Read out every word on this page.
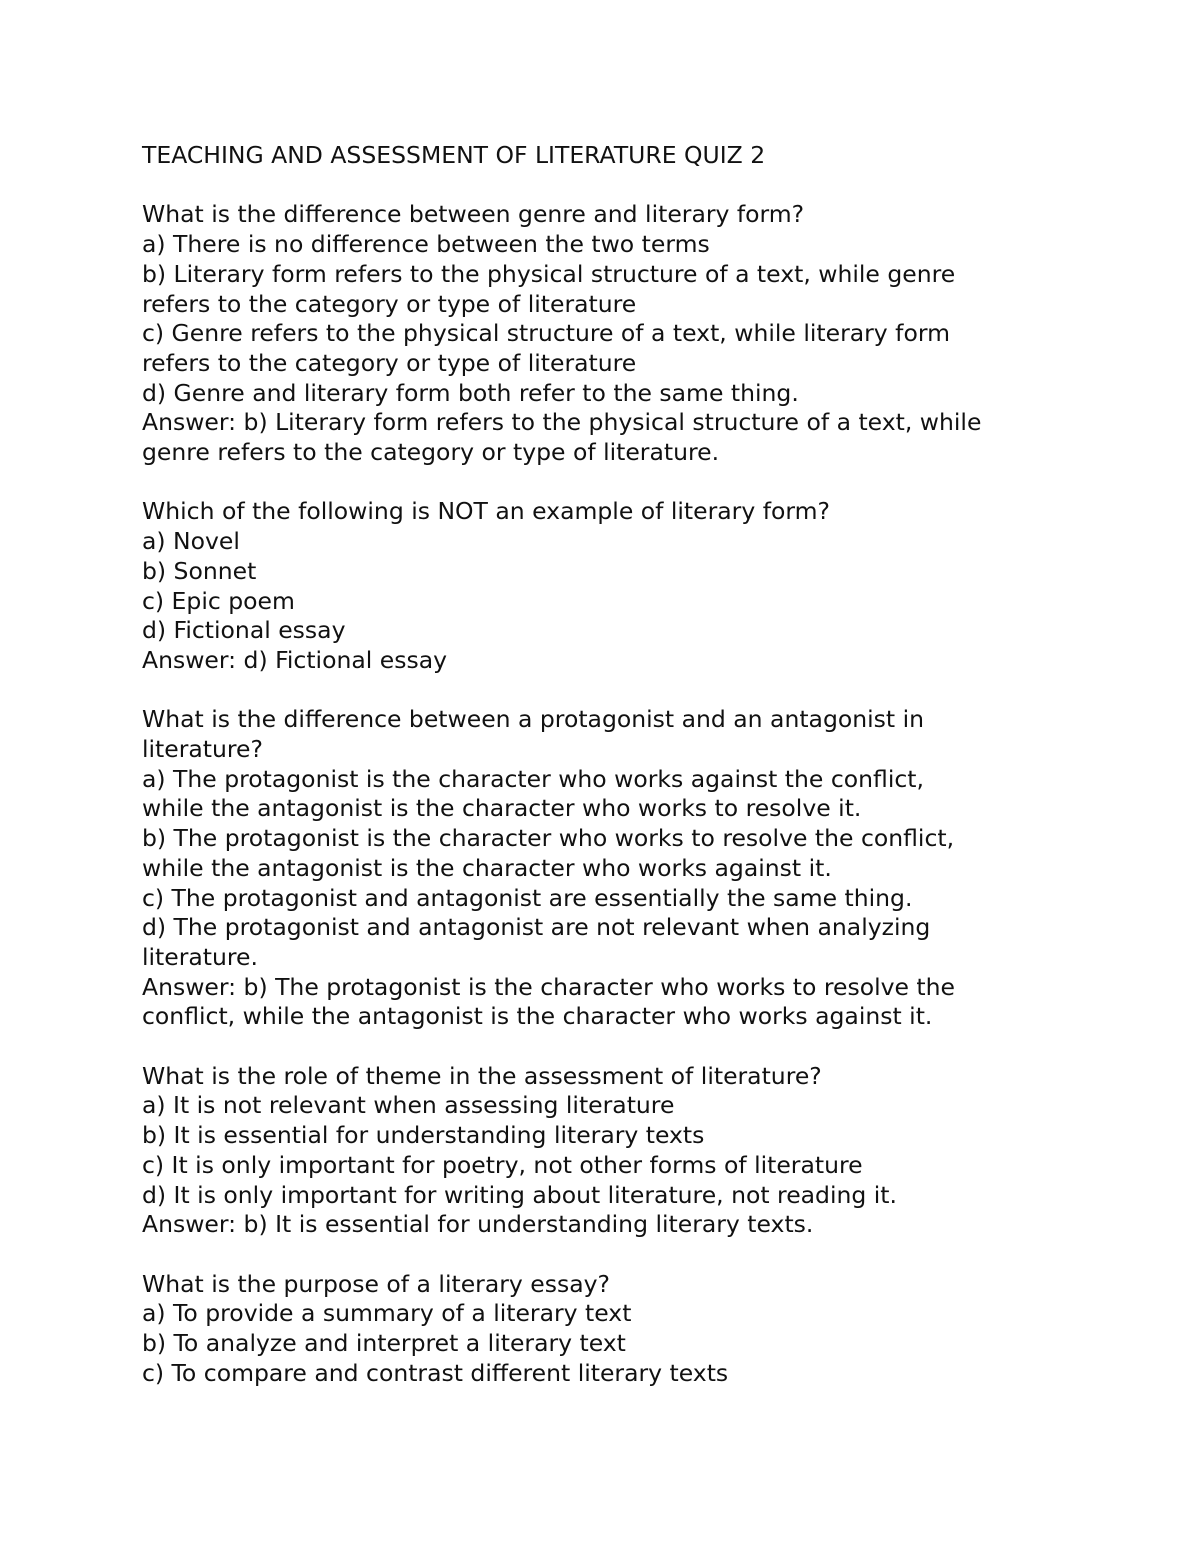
TEACHING AND ASSESSMENT OF LITERATURE QUIZ 2
What is the difference between genre and literary form?
a) There is no difference between the two terms
b) Literary form refers to the physical structure of a text, while genre
refers to the category or type of literature
c) Genre refers to the physical structure of a text, while literary form
refers to the category or type of literature
d) Genre and literary form both refer to the same thing.
Answer: b) Literary form refers to the physical structure of a text, while
genre refers to the category or type of literature.
Which of the following is NOT an example of literary form?
a) Novel
b) Sonnet
c) Epic poem
d) Fictional essay
Answer: d) Fictional essay
What is the difference between a protagonist and an antagonist in
literature?
a) The protagonist is the character who works against the conflict,
while the antagonist is the character who works to resolve it.
b) The protagonist is the character who works to resolve the conflict,
while the antagonist is the character who works against it.
c) The protagonist and antagonist are essentially the same thing.
d) The protagonist and antagonist are not relevant when analyzing
literature.
Answer: b) The protagonist is the character who works to resolve the
conflict, while the antagonist is the character who works against it.
What is the role of theme in the assessment of literature?
a) It is not relevant when assessing literature
b) It is essential for understanding literary texts
c) It is only important for poetry, not other forms of literature
d) It is only important for writing about literature, not reading it.
Answer: b) It is essential for understanding literary texts.
What is the purpose of a literary essay?
a) To provide a summary of a literary text
b) To analyze and interpret a literary text
c) To compare and contrast different literary texts
